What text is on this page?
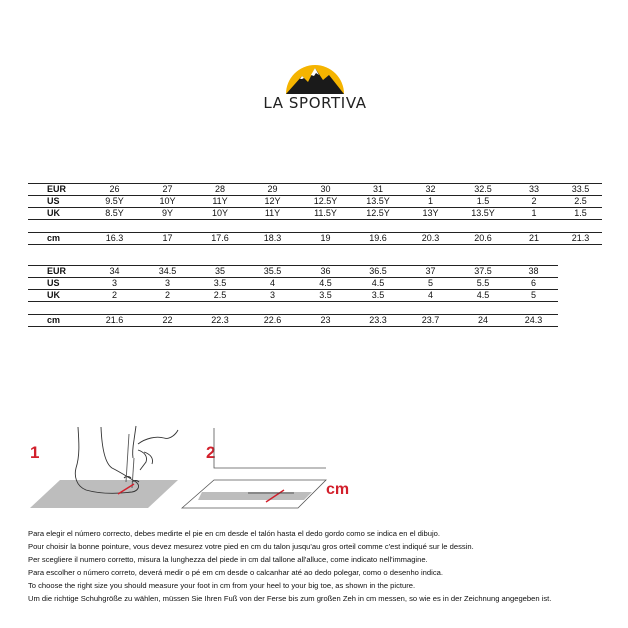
LA SPORTIVA
EUR	26	27	28	29	30	31	32	32.5	33	33.5
US	9.5Y	10Y	11Y	12Y	12.5Y	13.5Y	1	1.5	2	2.5
UK	8.5Y	9Y	10Y	11Y	11.5Y	12.5Y	13Y	13.5Y	1	1.5

cm	16.3	17	17.6	18.3	19	19.6	20.3	20.6	21	21.3
EUR	34	34.5	35	35.5	36	36.5	37	37.5	38
US	3	3	3.5	4	4.5	4.5	5	5.5	6
UK	2	2	2.5	3	3.5	3.5	4	4.5	5

cm	21.6	22	22.3	22.6	23	23.3	23.7	24	24.3
1	2
cm
Para elegir el número correcto, debes medirte el pie en cm desde el talón hasta el dedo gordo como se indica en el dibujo.
Pour choisir la bonne pointure, vous devez mesurez votre pied en cm du talon jusqu'au gros orteil comme c'est indiqué sur le dessin.
Per scegliere il numero corretto, misura la lunghezza del piede in cm dal tallone all'alluce, come indicato nell'immagine.
Para escolher o número correto, deverá medir o pé em cm desde o calcanhar até ao dedo polegar, como o desenho indica.
To choose the right size you should measure your foot in cm from your heel to your big toe, as shown in the picture.
Um die richtige Schuhgröße zu wählen, müssen Sie Ihren Fuß von der Ferse bis zum großen Zeh in cm messen, so wie es in der Zeichnung angegeben ist.
